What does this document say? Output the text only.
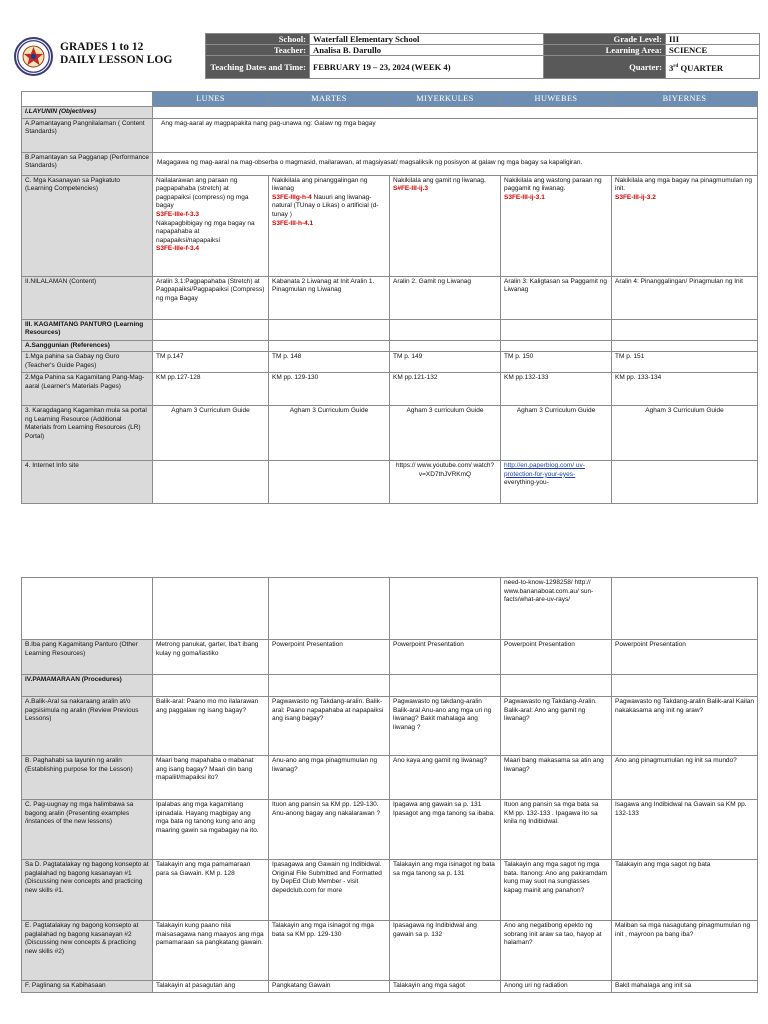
GRADES 1 to 12
DAILY LESSON LOG
School:	Waterfall Elementary School	Grade Level:	III
Teacher:	Analisa B. Darullo	Learning Area:	SCIENCE
Teaching Dates and Time:	FEBRUARY 19 – 23, 2024 (WEEK 4)	Quarter:	3rd QUARTER
	LUNES	MARTES	MIYERKULES	HUWEBES	BIYERNES
I.LAYUNIN (Objectives)					
A.Pamantayang Pangnilalaman ( Content Standards)	Ang mag-aaral ay magpapakita nang pag-unawa ng: Galaw ng mga bagay				

B.Pamantayan sa Pagganap (Performance Standards)	Magagawa ng mag-aaral na mag-obserba o magmasid, mailarawan, at magsiyasat/ magsaliksik ng posisyon at galaw ng mga bagay sa kapaligiran.				
C. Mga Kasanayan sa Pagkatuto (Learning Competencies)	Nailalarawan ang paraan ng pagpapahaba (stretch) at pagpapaiksi (compress) ng mga bagay
S3FE-IIIe-f-3.3
Nakapagbibigay ng mga bagay na napapahaba at napapaiksi/napapaiksi
S3FE-IIIe-f-3.4	Nakikilala ang pinanggalingan ng liwanag
S3FE-IIIg-h-4 Nauuri ang liwanag-natural (TUnay o Likas) o artificial (d-tunay )
S3FE-III-h-4.1	Nakikilala ang gamit ng liwanag.
S#FE-III-ij.3	Nakikilala ang wastong paraan ng paggamit ng liwanag.
S3FE-III-ij-3.1	Nakikilala ang mga bagay na pinagmumulan ng init.
S3FE-III-ij-3.2
II.NILALAMAN (Content)	Aralin 3.1:Pagpapahaba (Stretch) at Pagpapaiksi/Pagpapaiksi (Compress) ng mga Bagay	Kabanata 2 Liwanag at Init Aralin 1. Pinagmulan ng Liwanag	Aralin 2. Gamit ng Liwanag	Aralin 3: Kaligtasan sa Paggamit ng Liwanag	Aralin 4: Pinanggalingan/ Pinagmulan ng Init
III. KAGAMITANG PANTURO (Learning Resources)					
A.Sanggunian (References)					
1.Mga pahina sa Gabay ng Guro (Teacher's Guide Pages)	TM p.147	TM p. 148	TM p. 149	TM p. 150	TM p. 151
2.Mga Pahina sa Kagamitang Pang-Mag-aaral (Learner's Materials Pages)	KM pp.127-128	KM pp. 129-130	KM pp.121-132	KM pp.132-133	KM pp. 133-134
3. Karagdagang Kagamitan mula sa portal ng Learning Resource (Additional Materials from Learning Resources (LR) Portal)	Agham 3 Curriculum Guide	Agham 3 Curriculum Guide	Agham 3 curriculum Guide	Agham 3 Curriculum Guide	Agham 3 Curriculum Guide
4. Internet Info site			https:// www.youtube.com/ watch?v=XD7thJVRKmQ	http://en.paperblog.com/ uv-protection-for-your-eyes- everything-you-	
				need-to-know-1298258/ http:// www.bananaboat.com.au/ sun-facts/what-are-uv-rays/	
B.Iba pang Kagamitang Panturo (Other Learning Resources)	Metrong panukat, garter, Iba't ibang kulay ng goma/lastiko	Powerpoint Presentation	Powerpoint Presentation	Powerpoint Presentation	Powerpoint Presentation
IV.PAMAMARAAN (Procedures)					
A.Balik-Aral sa nakaraang aralin at/o pagsisimula ng aralin (Review Previous Lessons)	Balik-aral: Paano mo mo ilalarawan ang paggalaw ng isang bagay?	Pagwawasto ng Takdang-aralin. Balik-aral: Paano napapahaba at napapaiksi ang isang bagay?	Pagwawasto ng takdang-aralin Balik-aral Anu-ano ang mga uri ng liwanag? Bakit mahalaga ang liwanag ?	Pagwawasto ng Takdang-Aralin. Balik-aral: Ano ang gamit ng liwanag?	Pagwawasto ng Takdang-aralin Balik-aral Kailan nakakasama ang init ng araw?
B. Paghahabi sa layunin ng aralin (Establishing purpose for the Lesson)	Maari bang mapahaba o mabanat ang isang bagay? Maari din bang mapaliit/mapaiksi ito?	Anu-ano ang mga pinagmumulan ng liwanag?	Ano kaya ang gamit ng liwanag?	Maari bang makasama sa atin ang liwanag?	Ano ang pinagmumulan ng init sa mundo?
C. Pag-uugnay ng mga halimbawa sa bagong aralin (Presenting examples /instances of the new lessons)	Ipalabas ang mga kagamitang ipinadala. Hayang magbigay ang mga bata ng tanong kung ano ang maaring gawin sa mgabagay na ito.	Ituon ang pansin sa KM pp. 129-130. Anu-anong bagay ang nakalarawan ?	Ipagawa ang gawain sa p. 131 Ipasagot ang mga tanong sa ibaba.	Ituon ang pansin sa mga bata sa KM pp. 132-133 . Ipagawa ito sa knila ng Indibidwal.	Isagawa ang Indibidwal na Gawain sa KM pp. 132-133
Sa D. Pagtatalakay ng bagong konsepto at paglalahad ng bagong kasanayan #1 (Discussing new concepts and practicing new skills #1.	Talakayin ang mga pamamaraan para sa Gawain. KM p. 128	Ipasagawa ang Gawain ng Indibidwal. Original File Submitted and Formatted by DepEd Club Member - visit depedclub.com for more	Talakayin ang mga isinagot ng bata sa mga tanong sa p. 131	Talakayin ang mga sagot ng mga bata. Itanong: Ano ang pakiramdam kung may suot na sunglasses kapag mainit ang panahon?	Talakayin ang mga sagot ng bata
E. Pagtatalakay ng bagong konsepto at paglalahad ng bagong kasanayan #2 (Discussing new concepts & practicing new skills #2)	Talakayin kung paano nila maisasagawa nang maayos ang mga pamamaraan sa pangkatang gawain.	Talakayin ang mga isinagot ng mga bata sa KM pp. 129-130	Ipasagawa ng Indibidwal ang gawain sa p. 132	Ano ang negatibong epekto ng sobrang init araw sa tao, hayop at halaman?	Maliban sa mga nasagutang pinagmumulan ng init , mayroon pa bang iba?
F. Paglinang sa Kabihasaan	Talakayin at pasagutan ang	Pangkatang Gawain	Talakayin ang mga sagot	Anong uri ng radiation	Bakit mahalaga ang init sa
